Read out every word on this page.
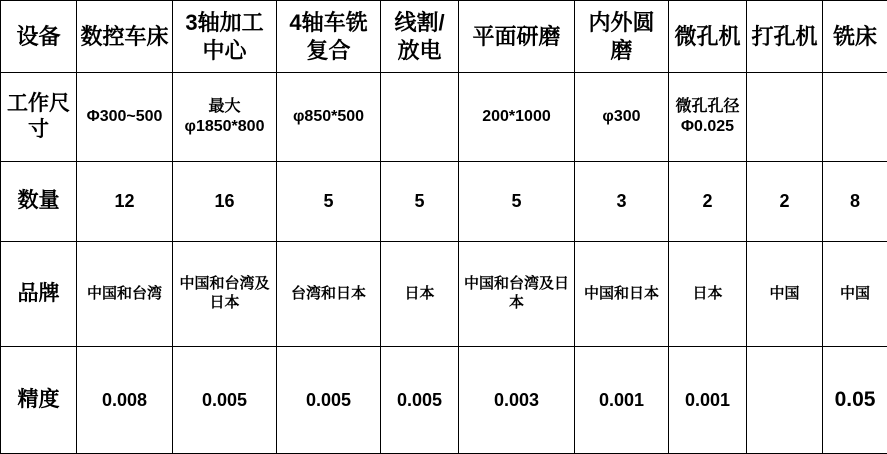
设备	数控车床	3轴加工中心	4轴车铣复合	线割/放电	平面研磨	内外圆磨	微孔机	打孔机	铣床
工作尺寸	Φ300~500	最大φ1850*800	φ850*500		200*1000	φ300	微孔孔径Φ0.025		
数量	12	16	5	5	5	3	2	2	8
品牌	中国和台湾	中国和台湾及日本	台湾和日本	日本	中国和台湾及日本	中国和日本	日本	中国	中国
精度	0.008	0.005	0.005	0.005	0.003	0.001	0.001		0.05
